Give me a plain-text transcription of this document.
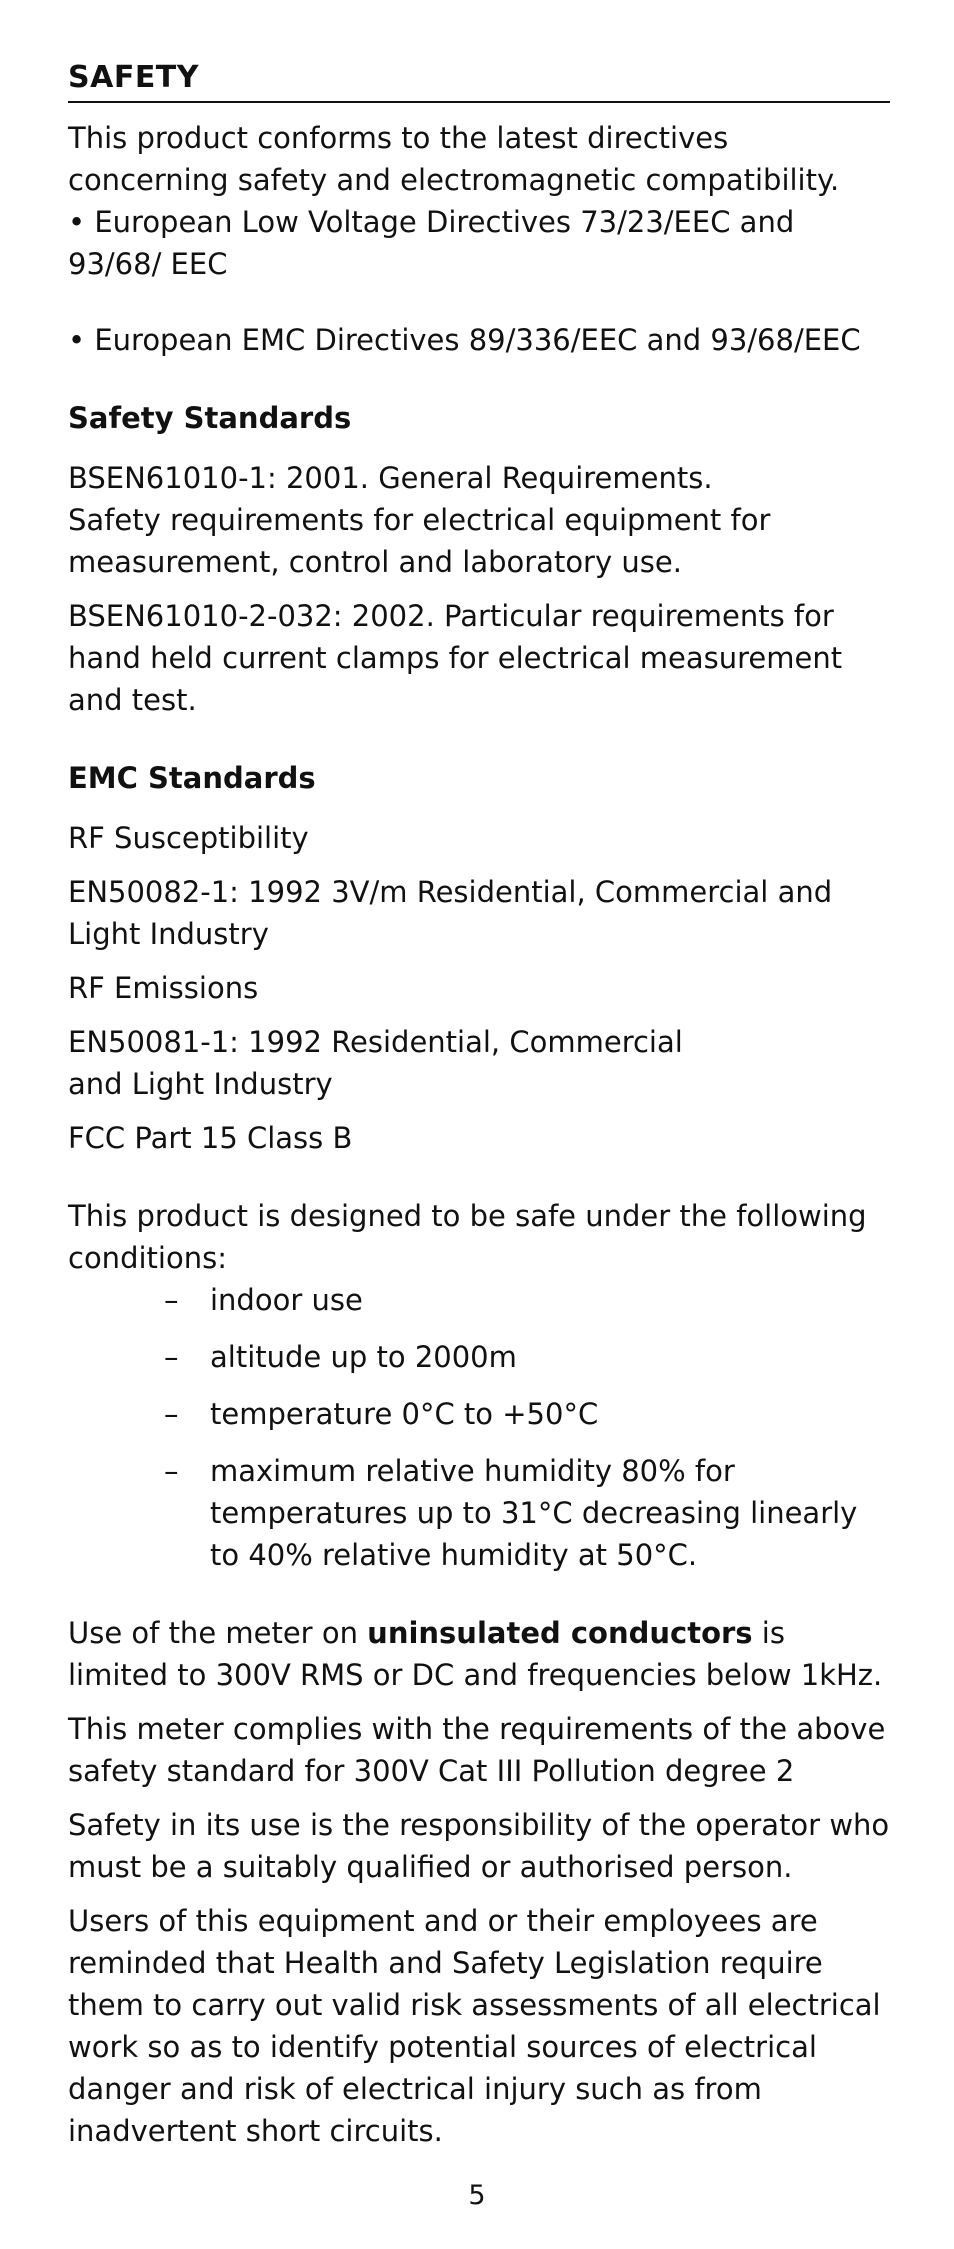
SAFETY

This product conforms to the latest directives concerning safety and electromagnetic compatibility.

• European Low Voltage Directives 73/23/EEC and 93/68/ EEC

• European EMC Directives 89/336/EEC and 93/68/EEC

Safety Standards

BSEN61010-1: 2001. General Requirements.

Safety requirements for electrical equipment for measurement, control and laboratory use.

BSEN61010-2-032: 2002. Particular requirements for hand held current clamps for electrical measurement and test.

EMC Standards

RF Susceptibility

EN50082-1: 1992 3V/m Residential, Commercial and Light Industry

RF Emissions

EN50081-1: 1992 Residential, Commercial

and Light Industry

FCC Part 15 Class B

This product is designed to be safe under the following conditions:

– indoor use
– altitude up to 2000m
– temperature 0°C to +50°C
– maximum relative humidity 80% for temperatures up to 31°C decreasing linearly to 40% relative humidity at 50°C.

Use of the meter on uninsulated conductors is limited to 300V RMS or DC and frequencies below 1kHz.

This meter complies with the requirements of the above safety standard for 300V Cat III Pollution degree 2

Safety in its use is the responsibility of the operator who must be a suitably qualified or authorised person.

Users of this equipment and or their employees are reminded that Health and Safety Legislation require them to carry out valid risk assessments of all electrical work so as to identify potential sources of electrical danger and risk of electrical injury such as from inadvertent short circuits.

5
